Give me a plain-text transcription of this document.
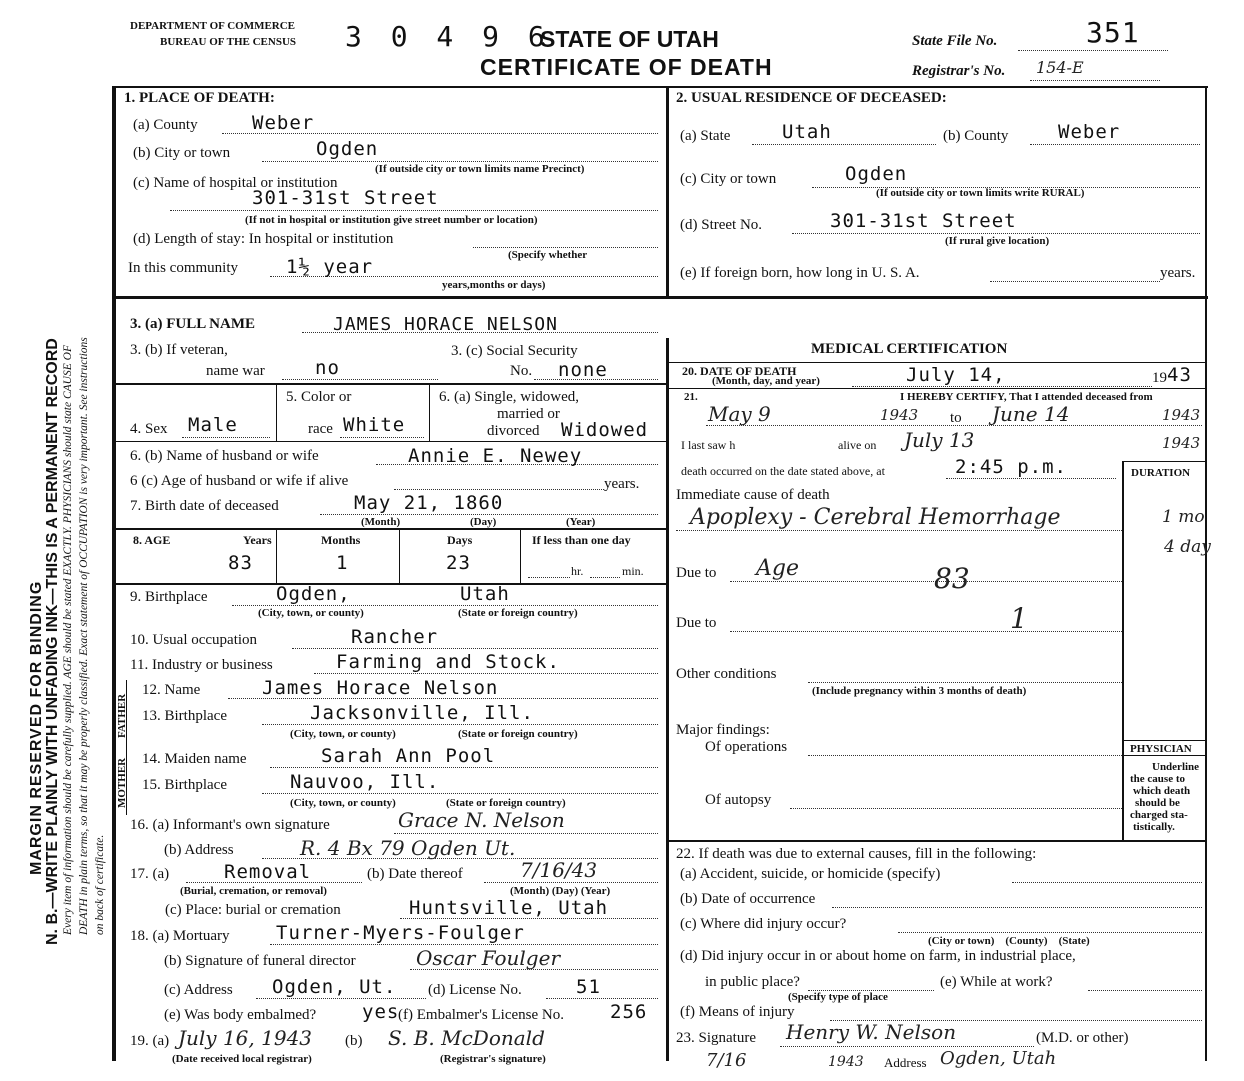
MARGIN RESERVED FOR BINDING N. B.—WRITE PLAINLY WITH UNFADING INK—THIS IS A PERMANENT RECORD Every item of information should be carefully supplied. AGE should be stated EXACTLY. PHYSICIANS should state CAUSE OF DEATH in plain terms, so that it may be properly classified. Exact statement of OCCUPATION is very important. See instructions on back of certificate.
DEPARTMENT OF COMMERCE
BUREAU OF THE CENSUS 3 0 4 9 6
STATE OF UTAH
CERTIFICATE OF DEATH
State File No.	351
Registrar's No. 154-E
1. PLACE OF DEATH:
(a) County	Weber
(b) City or town	Ogden
(If outside city or town limits name Precinct)
(c) Name of hospital or institution
301-31st Street
(If not in hospital or institution give street number or location)
(d) Length of stay: In hospital or institution
(Specify whether
In this community	1½ year
years,months or days)
2. USUAL RESIDENCE OF DECEASED:
(a) State	Utah	(b) County	Weber
(c) City or town	Ogden
(If outside city or town limits write RURAL)
(d) Street No.	301-31st Street
(If rural give location)
(e) If foreign born, how long in U. S. A.	years.
3. (a) FULL NAME	JAMES HORACE NELSON
3. (b) If veteran,
name war	no
3. (c) Social Security
No. none
4. Sex Male
5. Color or
race White
6. (a) Single, widowed,
married or
divorced Widowed
6. (b) Name of husband or wife	Annie E. Newey
6 (c) Age of husband or wife if alive	years.
7. Birth date of deceased	May 21, 1860
(Month)	(Day)	(Year)
8. AGE	Years	Months	Days	If less than one day
83	1	23	hr.	min.
9. Birthplace	Ogden,	Utah
(City, town, or county)	(State or foreign country)
10. Usual occupation	Rancher
11. Industry or business	Farming and Stock.
FATHER
MOTHER
12. Name	James Horace Nelson
13. Birthplace	Jacksonville, Ill.
(City, town, or county)	(State or foreign country)
14. Maiden name	Sarah Ann Pool
15. Birthplace	Nauvoo, Ill.
(City, town, or county)	(State or foreign country)
16. (a) Informant's own signature	Grace N. Nelson
(b) Address	R. 4 Bx 79 Ogden Ut.
17. (a)	Removal
(Burial, cremation, or removal)
(b) Date thereof	7/16/43
(Month) (Day) (Year)
(c) Place: burial or cremation	Huntsville, Utah
18. (a) Mortuary Turner-Myers-Foulger
(b) Signature of funeral director	Oscar Foulger
(c) Address Ogden, Ut. (d) License No.	51
(e) Was body embalmed? yes
(f) Embalmer's License No. 256
19. (a) July 16, 1943 (b) S. B. McDonald
(Date received local registrar)	(Registrar's signature)
MEDICAL CERTIFICATION
20. DATE OF DEATH
(Month, day, and year)	July 14,	19 43
21.	I HEREBY CERTIFY, That I attended deceased from
May 9	1943 to June 14	1943
I last saw h	alive on July 13	1943
death occurred on the date stated above, at	2:45 p.m.	DURATION
Immediate cause of death
Apoplexy - Cerebral Hemorrhage	1 mo
4 day
Due to Age	83
Due to	1
Other conditions
(Include pregnancy within 3 months of death)
Major findings:
Of operations
Of autopsy
PHYSICIAN
Underline
the cause to
which death
should be
charged sta-
tistically.
22. If death was due to external causes, fill in the following:
(a) Accident, suicide, or homicide (specify)
(b) Date of occurrence
(c) Where did injury occur?
(City or town)    (County)    (State)
(d) Did injury occur in or about home on farm, in industrial place,
in public place?	(e) While at work?
(Specify type of place
(f) Means of injury
23. Signature Henry W. Nelson	(M.D. or other)
7/16	1943 Address Ogden, Utah
